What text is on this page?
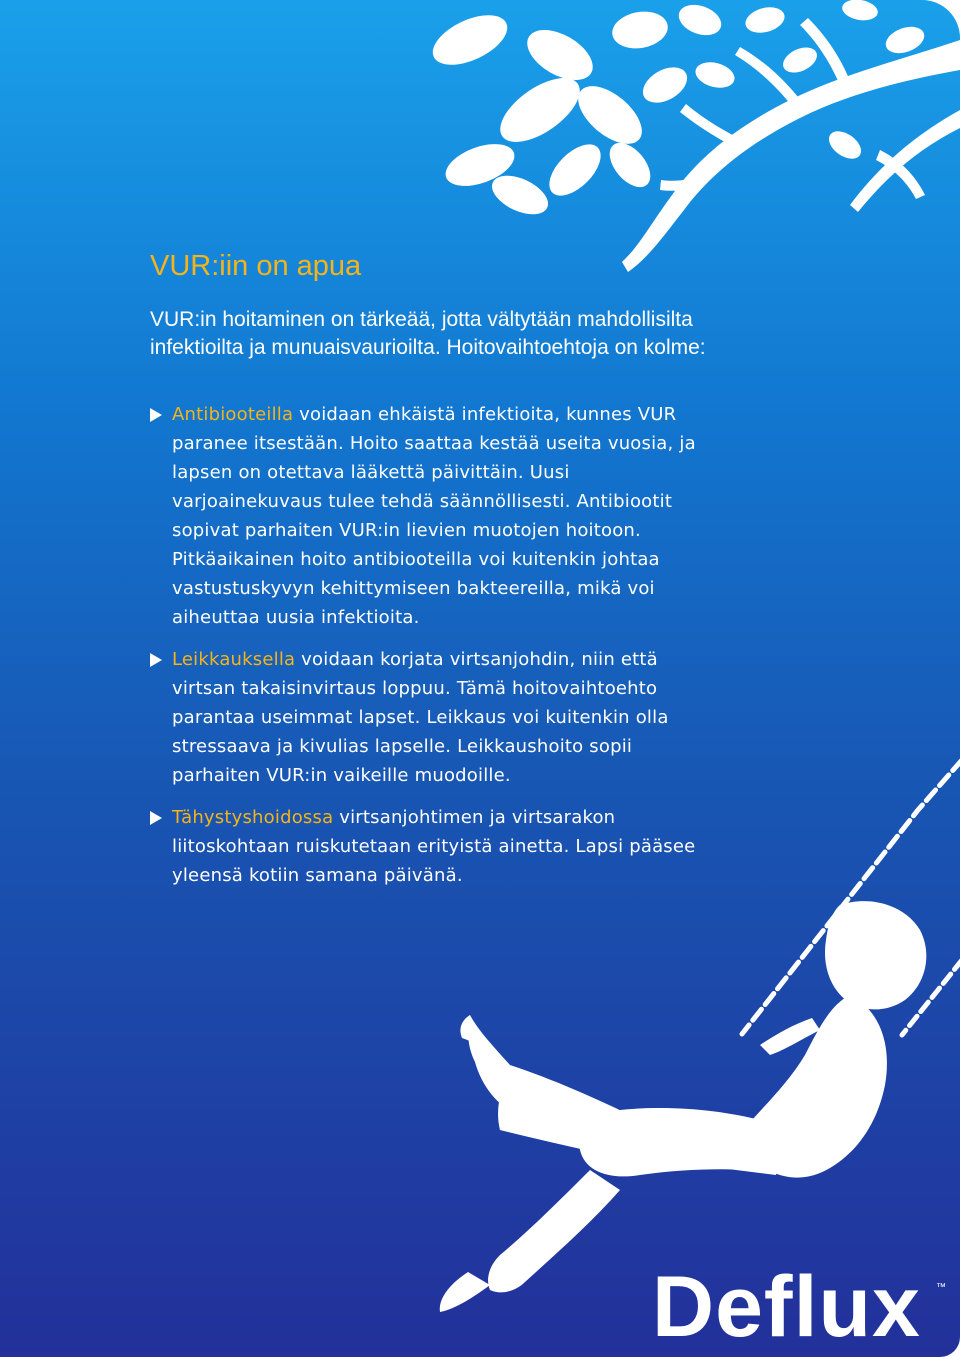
VUR:iin on apua

VUR:in hoitaminen on tärkeää, jotta vältytään mahdollisilta infektioilta ja munuaisvaurioilta. Hoitovaihtoehtoja on kolme:

Antibiooteilla voidaan ehkäistä infektioita, kunnes VUR paranee itsestään. Hoito saattaa kestää useita vuosia, ja lapsen on otettava lääkettä päivittäin. Uusi varjoainekuvaus tulee tehdä säännöllisesti. Antibiootit sopivat parhaiten VUR:in lievien muotojen hoitoon. Pitkäaikainen hoito antibiooteilla voi kuitenkin johtaa vastustuskyvyn kehittymiseen bakteereilla, mikä voi aiheuttaa uusia infektioita.
Leikkauksella voidaan korjata virtsanjohdin, niin että virtsan takaisinvirtaus loppuu. Tämä hoitovaihtoehto parantaa useimmat lapset. Leikkaus voi kuitenkin olla stressaava ja kivulias lapselle. Leikkaushoito sopii parhaiten VUR:in vaikeille muodoille.
Tähystyshoidossa virtsanjohtimen ja virtsarakon liitoskohtaan ruiskutetaan erityistä ainetta. Lapsi pääsee yleensä kotiin samana päivänä.
Deflux ™
